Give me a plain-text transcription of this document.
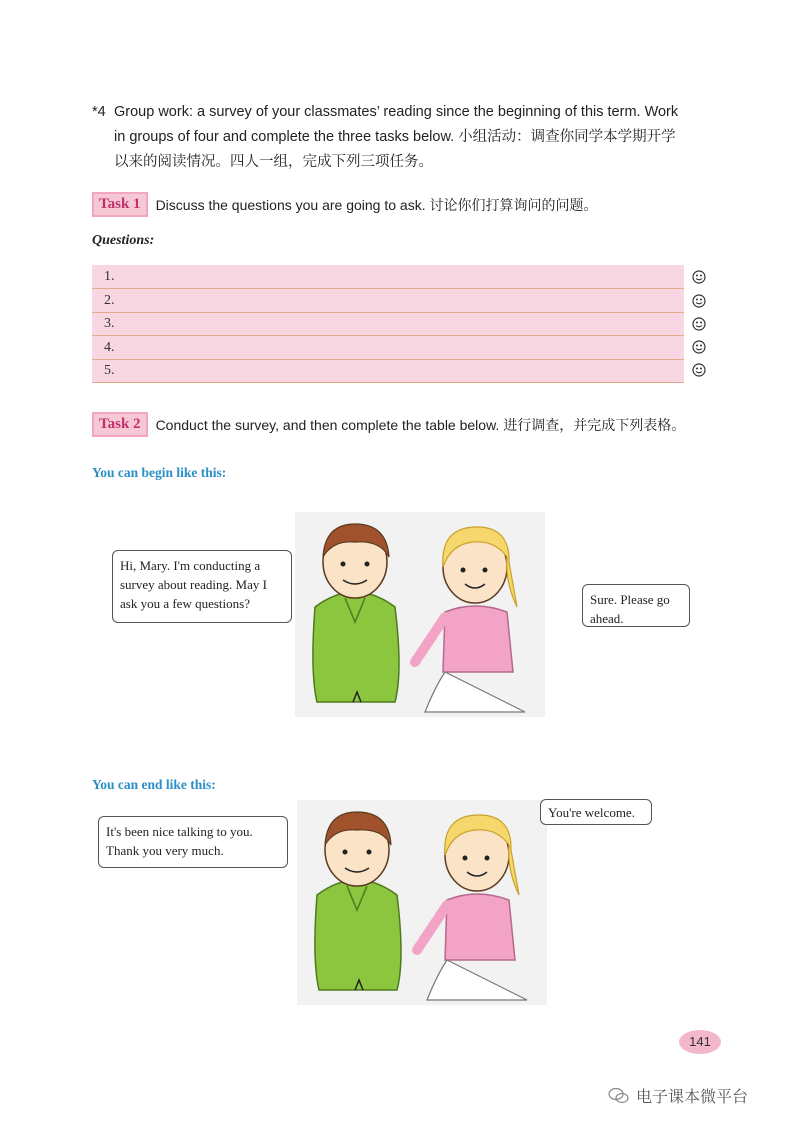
*4 Group work: a survey of your classmates’ reading since the beginning of this term. Work
in groups of four and complete the three tasks below. 小组活动：调查你同学本学期开学
以来的阅读情况。四人一组，完成下列三项任务。
Task 1	Discuss the questions you are going to ask. 讨论你们打算询问的问题。
Questions:
1.
2.
3.
4.
5.
Task 2	Conduct the survey, and then complete the table below. 进行调查，并完成下列表格。
You can begin like this:
Hi, Mary. I'm conducting a survey about reading. May I ask you a few questions?	Sure. Please go ahead.
You can end like this:
It's been nice talking to you. Thank you very much.
You're welcome.
141
电子课本微平台
